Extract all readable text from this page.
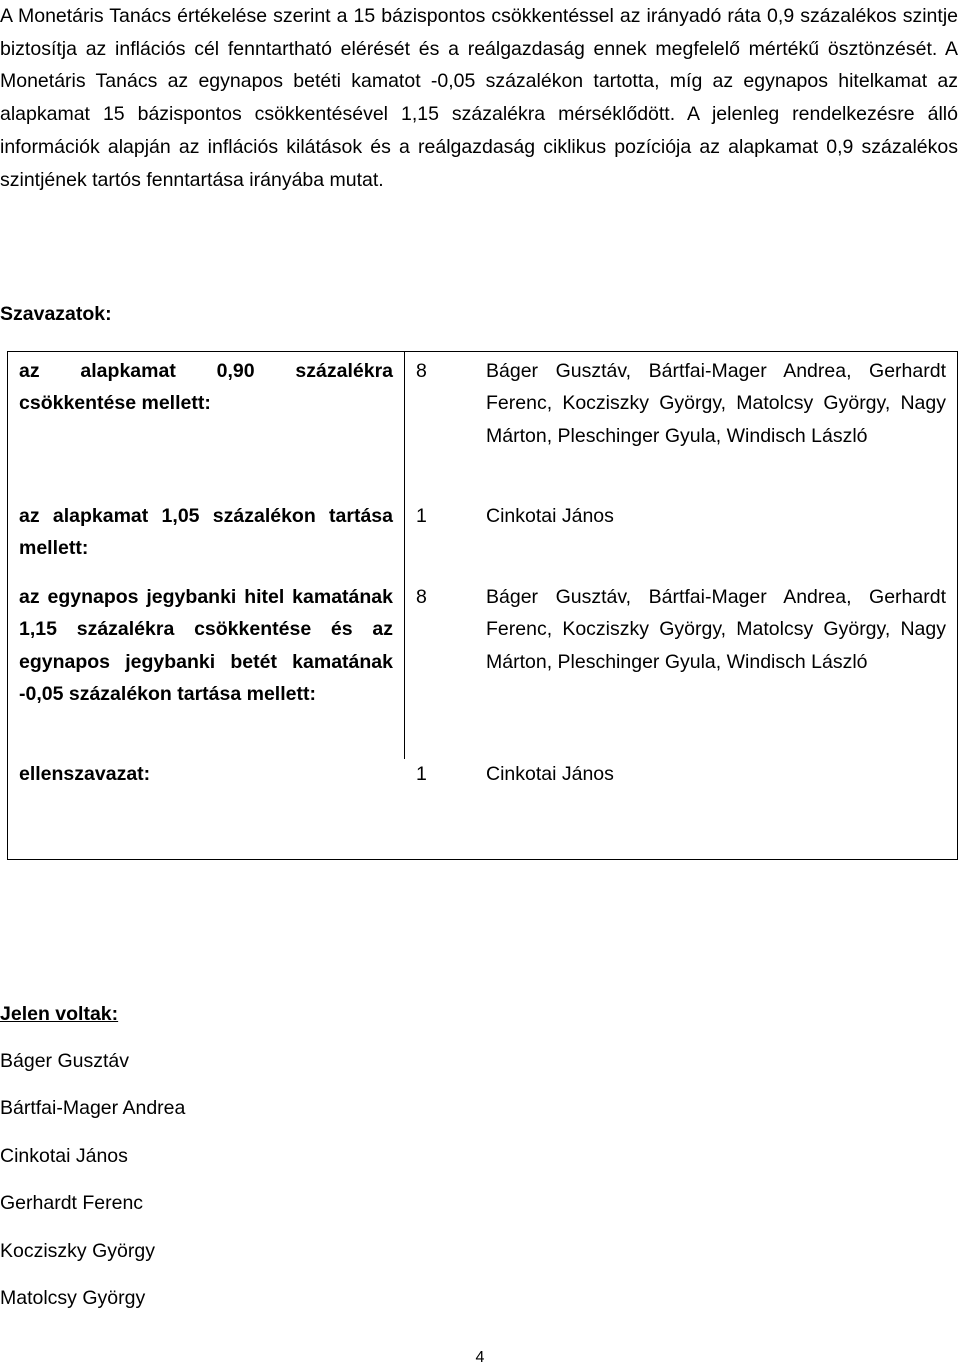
A Monetáris Tanács értékelése szerint a 15 bázispontos csökkentéssel az irányadó ráta 0,9 százalékos szintje biztosítja az inflációs cél fenntartható elérését és a reálgazdaság ennek megfelelő mértékű ösztönzését. A Monetáris Tanács az egynapos betéti kamatot -0,05 százalékon tartotta, míg az egynapos hitelkamat az alapkamat 15 bázispontos csökkentésével 1,15 százalékra mérséklődött. A jelenleg rendelkezésre álló információk alapján az inflációs kilátások és a reálgazdaság ciklikus pozíciója az alapkamat 0,9 százalékos szintjének tartós fenntartása irányába mutat.

Szavazatok:

az alapkamat 0,90 százalékra csökkentése mellett:
8	Báger Gusztáv, Bártfai-Mager Andrea, Gerhardt Ferenc, Kocziszky György, Matolcsy György, Nagy Márton, Pleschinger Gyula, Windisch László
az alapkamat 1,05 százalékon tartása mellett:
1	Cinkotai János
az egynapos jegybanki hitel kamatának 1,15 százalékra csökkentése és az egynapos jegybanki betét kamatának -0,05 százalékon tartása mellett:
8	Báger Gusztáv, Bártfai-Mager Andrea, Gerhardt Ferenc, Kocziszky György, Matolcsy György, Nagy Márton, Pleschinger Gyula, Windisch László
ellenszavazat:	1	Cinkotai János

Jelen voltak:

Báger Gusztáv
Bártfai-Mager Andrea
Cinkotai János
Gerhardt Ferenc
Kocziszky György
Matolcsy György
4
